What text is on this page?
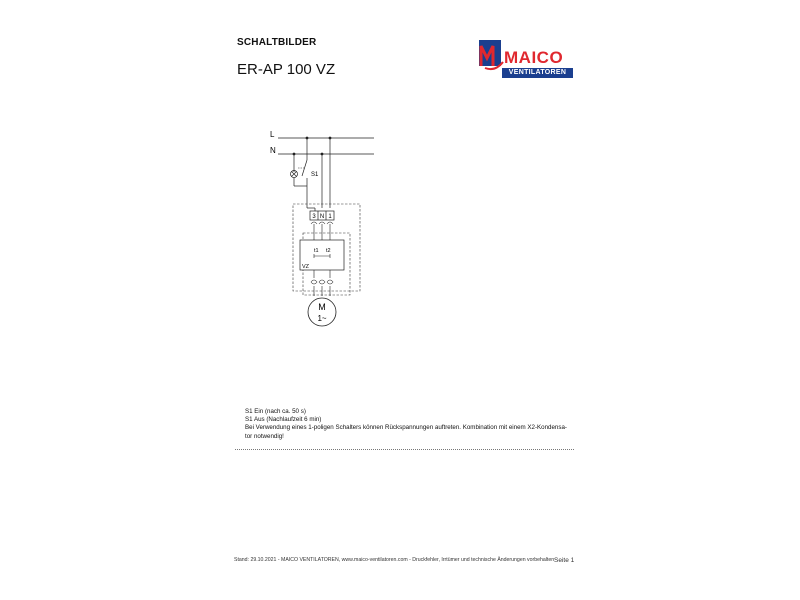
SCHALTBILDER
ER-AP 100 VZ
MAICO
VENTILATOREN
L
N
S1
3 N 1
t1 t2
VZ
M
1~
S1 Ein (nach ca. 50 s)
S1 Aus (Nachlaufzeit 6 min)
Bei Verwendung eines 1-poligen Schalters können Rückspannungen auftreten. Kombination mit einem X2-Kondensa-
tor notwendig!
Stand: 29.10.2021 - MAICO VENTILATOREN, www.maico-ventilatoren.com - Druckfehler, Irrtümer und technische Änderungen vorbehalten Seite 1
